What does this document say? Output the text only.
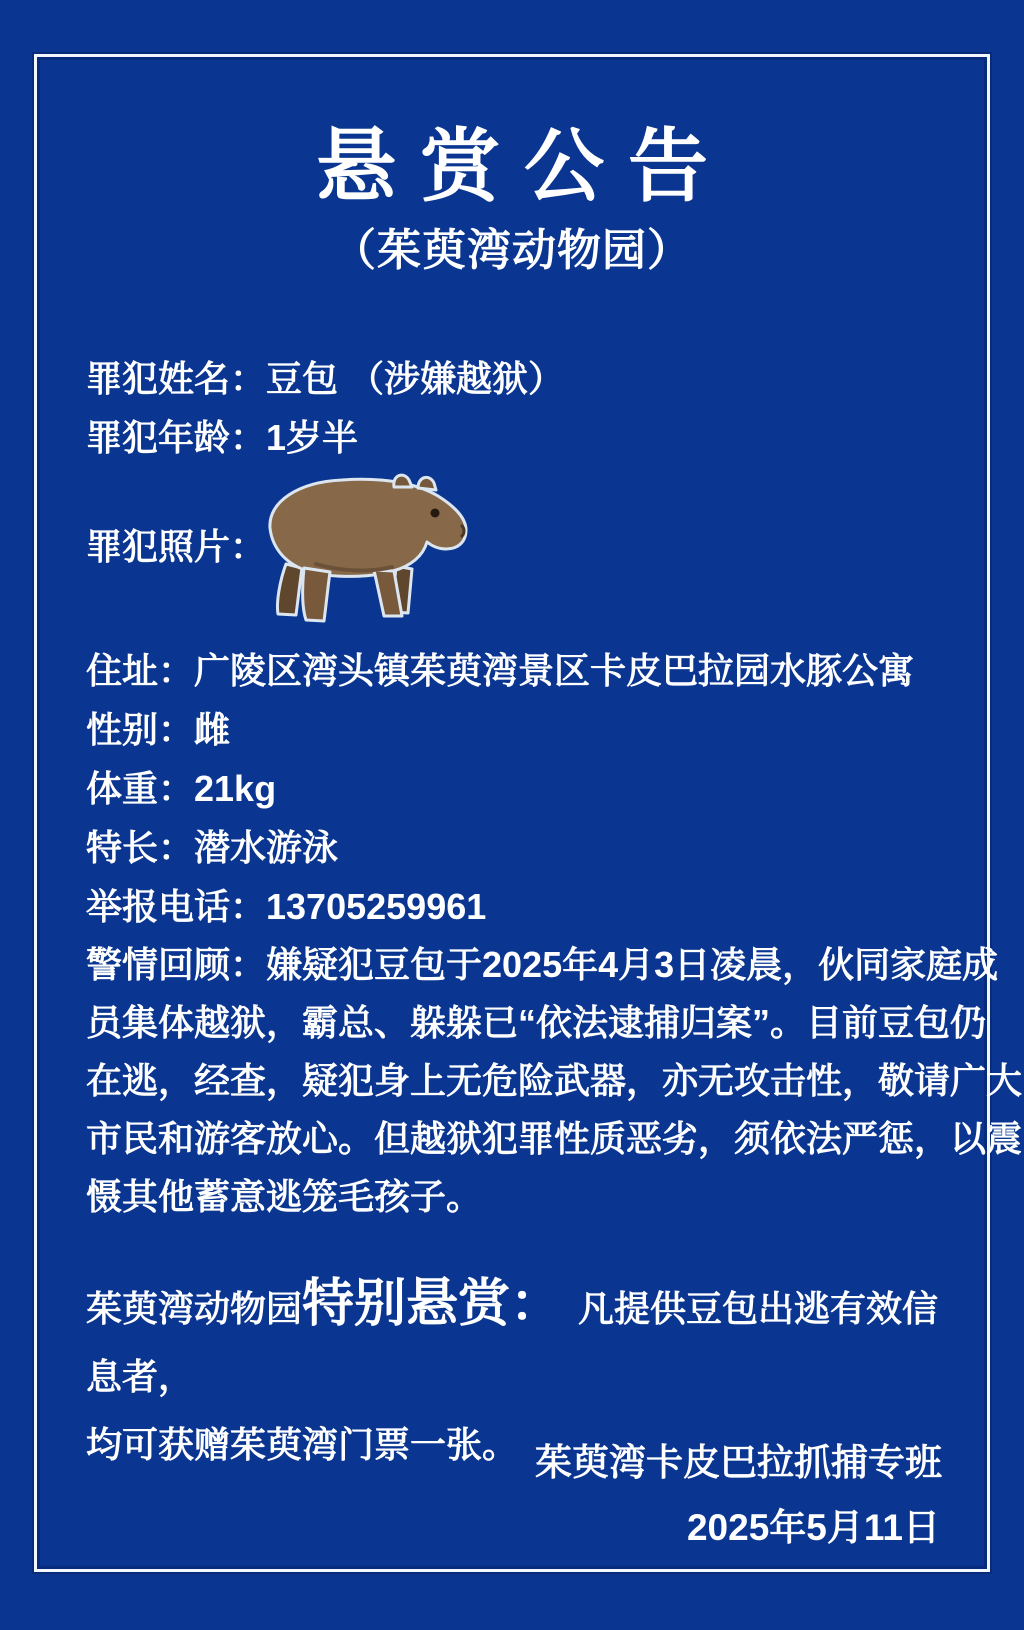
悬赏公告
（茱萸湾动物园）
罪犯姓名：豆包 （涉嫌越狱）
罪犯年龄：1岁半
罪犯照片：
住址：广陵区湾头镇茱萸湾景区卡皮巴拉园水豚公寓
性别：雌
体重：21kg
特长：潜水游泳
举报电话：13705259961
警情回顾：嫌疑犯豆包于2025年4月3日凌晨，伙同家庭成
员集体越狱，霸总、躲躲已“依法逮捕归案”。目前豆包仍
在逃，经查，疑犯身上无危险武器，亦无攻击性，敬请广大
市民和游客放心。但越狱犯罪性质恶劣，须依法严惩，以震
慑其他蓄意逃笼毛孩子。
茱萸湾动物园特别悬赏： 凡提供豆包出逃有效信息者，
均可获赠茱萸湾门票一张。 茱萸湾卡皮巴拉抓捕专班
2025年5月11日
